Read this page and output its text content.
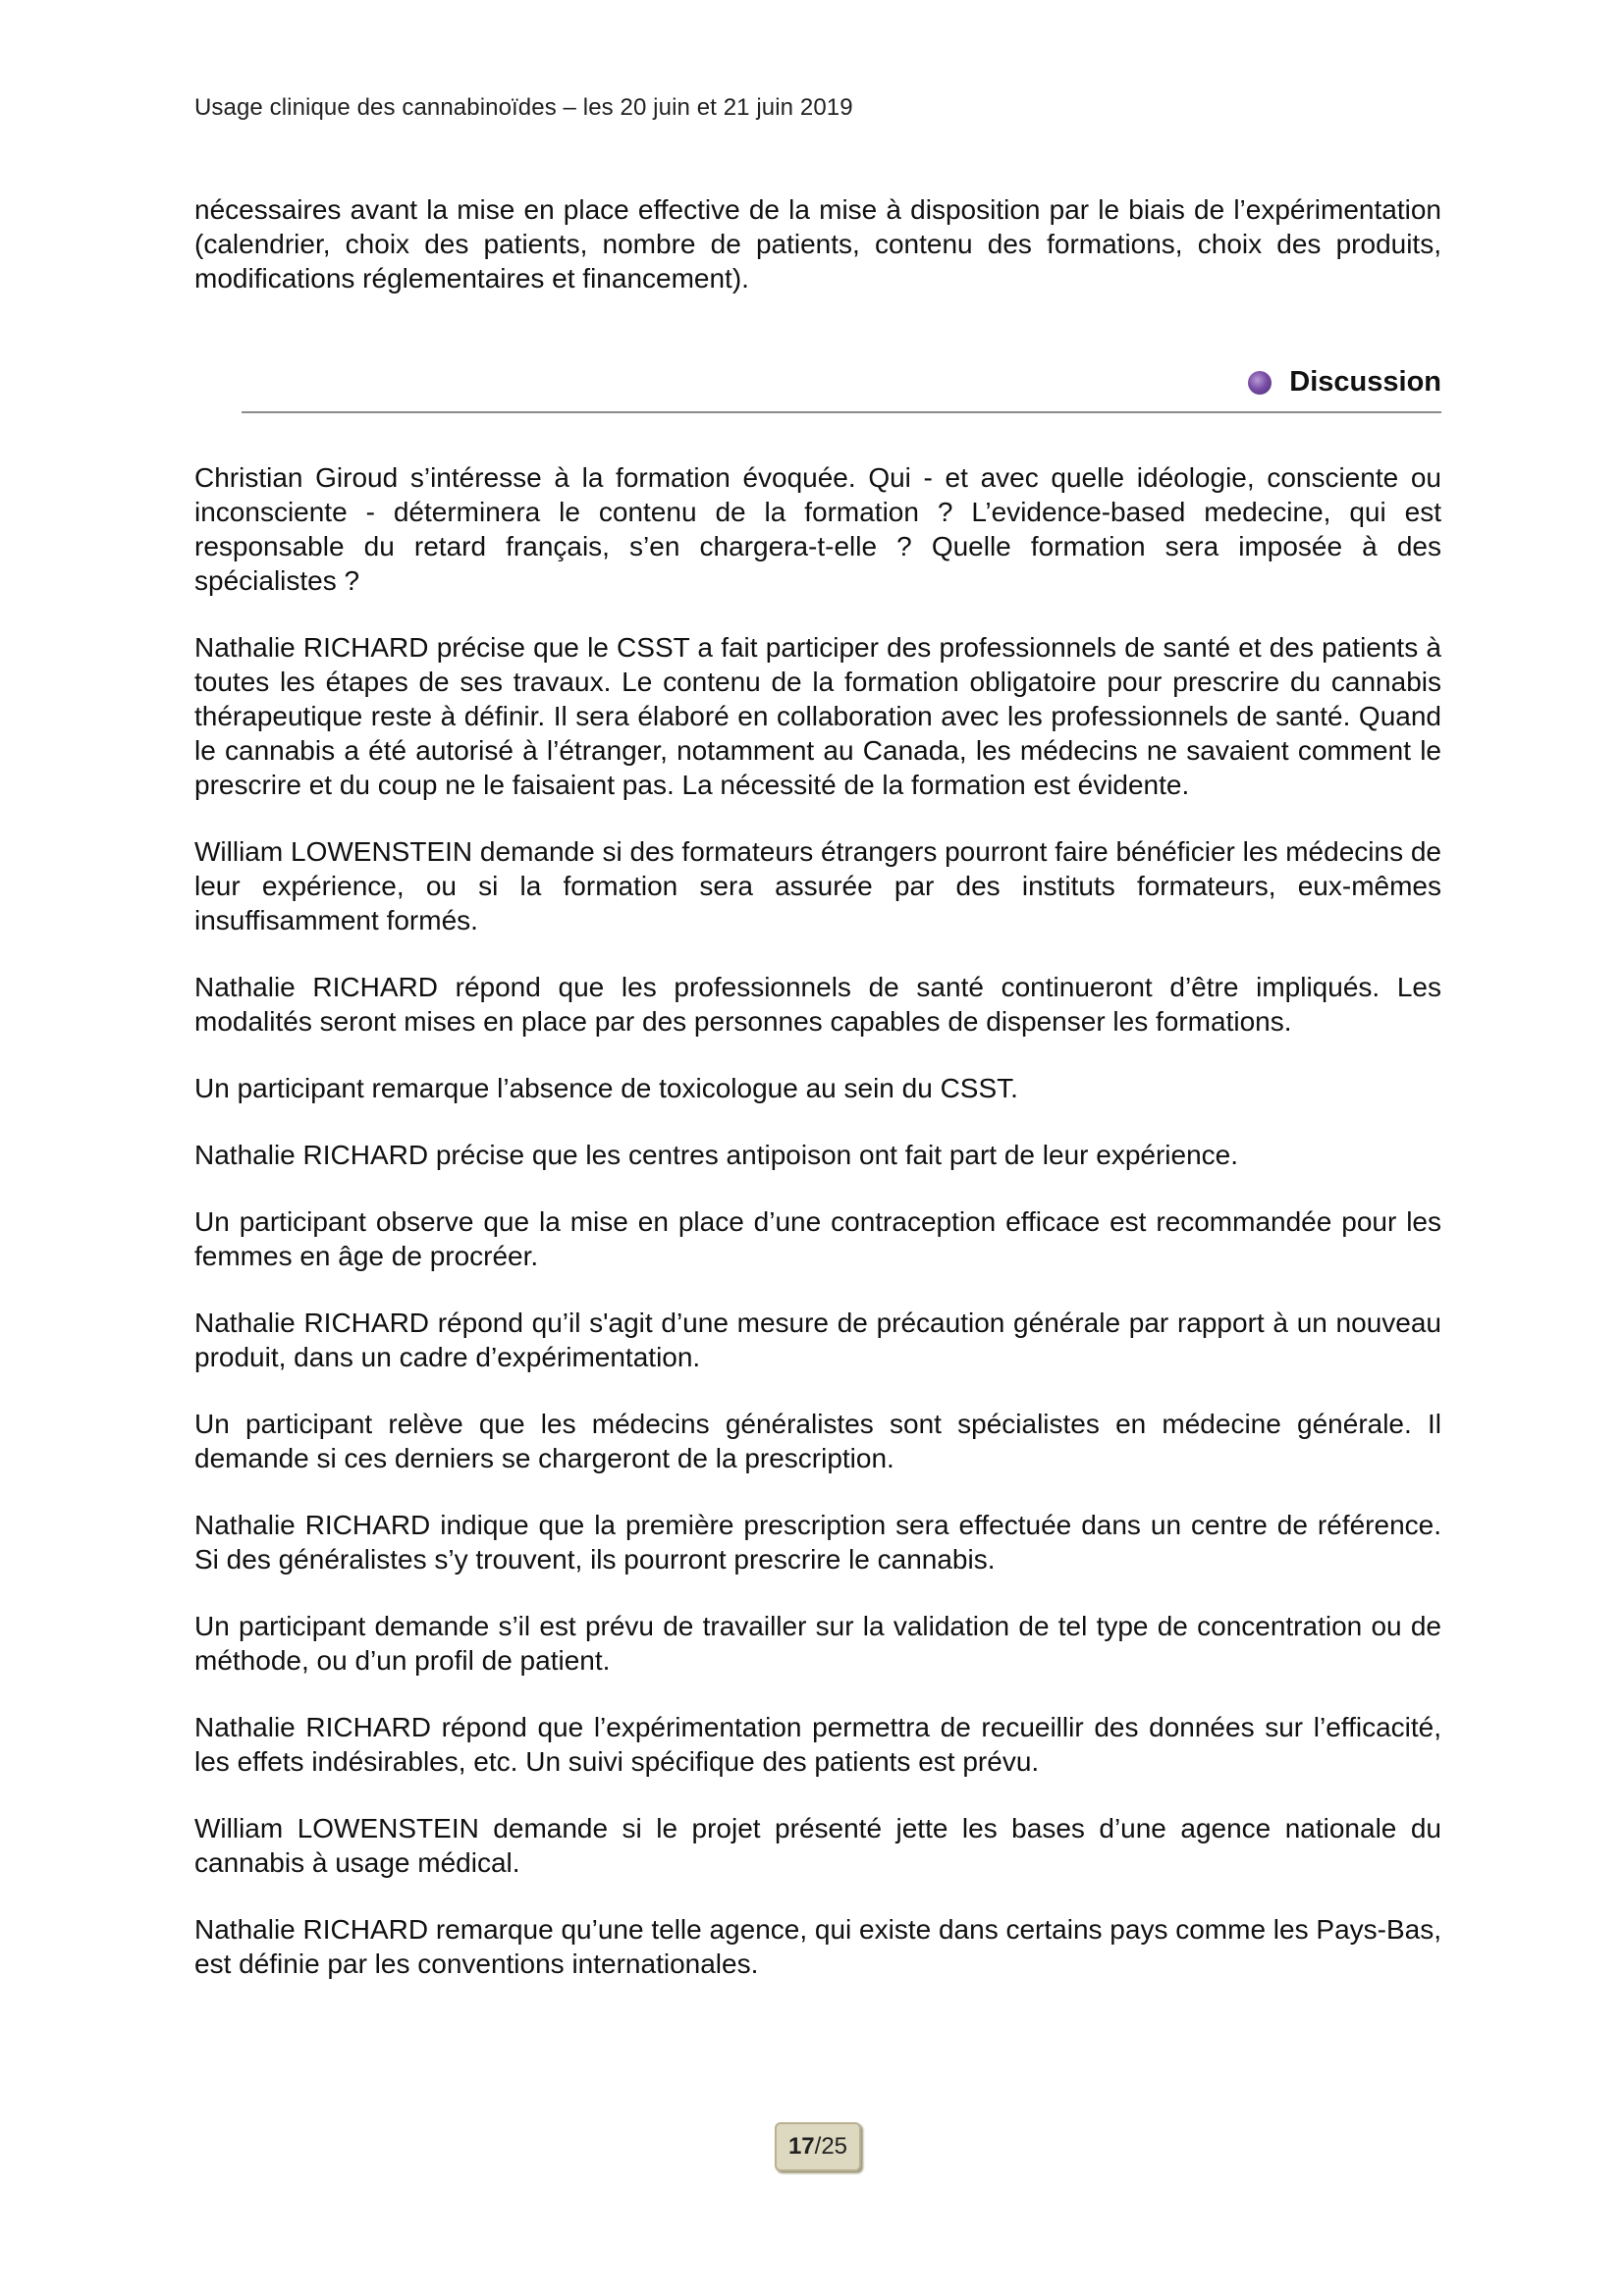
Usage clinique des cannabinoïdes – les 20 juin et 21 juin 2019

nécessaires avant la mise en place effective de la mise à disposition par le biais de l’expérimentation (calendrier, choix des patients, nombre de patients, contenu des formations, choix des produits, modifications réglementaires et financement).

Discussion

Christian Giroud s’intéresse à la formation évoquée. Qui - et avec quelle idéologie, consciente ou inconsciente - déterminera le contenu de la formation ? L’evidence-based medecine, qui est responsable du retard français, s’en chargera-t-elle ? Quelle formation sera imposée à des spécialistes ?

Nathalie RICHARD précise que le CSST a fait participer des professionnels de santé et des patients à toutes les étapes de ses travaux. Le contenu de la formation obligatoire pour prescrire du cannabis thérapeutique reste à définir. Il sera élaboré en collaboration avec les professionnels de santé. Quand le cannabis a été autorisé à l’étranger, notamment au Canada, les médecins ne savaient comment le prescrire et du coup ne le faisaient pas. La nécessité de la formation est évidente.

William LOWENSTEIN demande si des formateurs étrangers pourront faire bénéficier les médecins de leur expérience, ou si la formation sera assurée par des instituts formateurs, eux-mêmes insuffisamment formés.

Nathalie RICHARD répond que les professionnels de santé continueront d’être impliqués. Les modalités seront mises en place par des personnes capables de dispenser les formations.

Un participant remarque l’absence de toxicologue au sein du CSST.

Nathalie RICHARD précise que les centres antipoison ont fait part de leur expérience.

Un participant observe que la mise en place d’une contraception efficace est recommandée pour les femmes en âge de procréer.

Nathalie RICHARD répond qu’il s'agit d’une mesure de précaution générale par rapport à un nouveau produit, dans un cadre d’expérimentation.

Un participant relève que les médecins généralistes sont spécialistes en médecine générale. Il demande si ces derniers se chargeront de la prescription.

Nathalie RICHARD indique que la première prescription sera effectuée dans un centre de référence. Si des généralistes s’y trouvent, ils pourront prescrire le cannabis.

Un participant demande s’il est prévu de travailler sur la validation de tel type de concentration ou de méthode, ou d’un profil de patient.

Nathalie RICHARD répond que l’expérimentation permettra de recueillir des données sur l’efficacité, les effets indésirables, etc. Un suivi spécifique des patients est prévu.

William LOWENSTEIN demande si le projet présenté jette les bases d’une agence nationale du cannabis à usage médical.

Nathalie RICHARD remarque qu’une telle agence, qui existe dans certains pays comme les Pays-Bas, est définie par les conventions internationales.

17 /25
